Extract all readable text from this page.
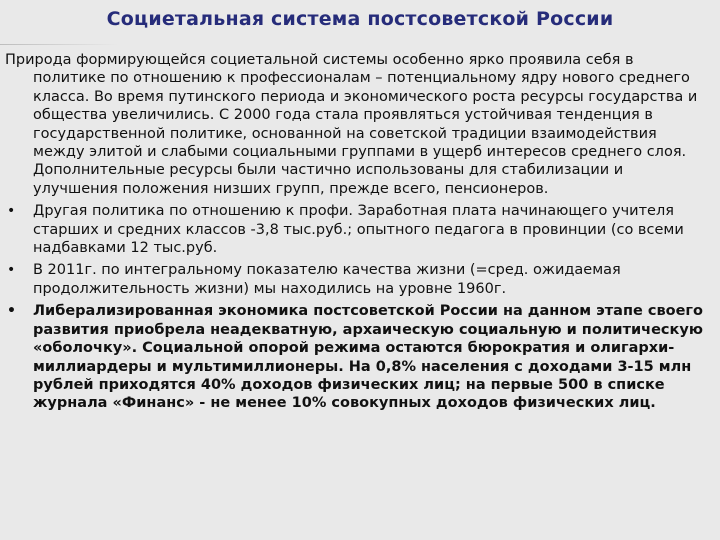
Социетальная система постсоветской России

Природа формирующейся социетальной системы особенно ярко проявила себя в политике по отношению к профессионалам – потенциальному ядру нового среднего класса. Во время путинского периода и экономического роста ресурсы государства и общества увеличились. С 2000 года стала проявляться устойчивая тенденция в государственной политике, основанной на советской традиции взаимодействия между элитой и слабыми социальными группами в ущерб интересов среднего слоя. Дополнительные ресурсы были частично использованы для стабилизации и улучшения положения низших групп, прежде всего, пенсионеров.

• Другая политика по отношению к профи. Заработная плата начинающего учителя старших и средних классов -3,8 тыс.руб.; опытного педагога в провинции (со всеми надбавками 12 тыс.руб.
• В 2011г. по интегральному показателю качества жизни (=сред. ожидаемая продолжительность жизни) мы находились на уровне 1960г.
• Либерализированная экономика постсоветской России на данном этапе своего развития приобрела неадекватную, архаическую социальную и политическую «оболочку». Социальной опорой режима остаются бюрократия и олигархи- миллиардеры и мультимиллионеры. На 0,8% населения с доходами 3-15 млн рублей приходятся 40% доходов физических лиц; на первые 500 в списке журнала «Финанс» - не менее 10% совокупных доходов физических лиц.
